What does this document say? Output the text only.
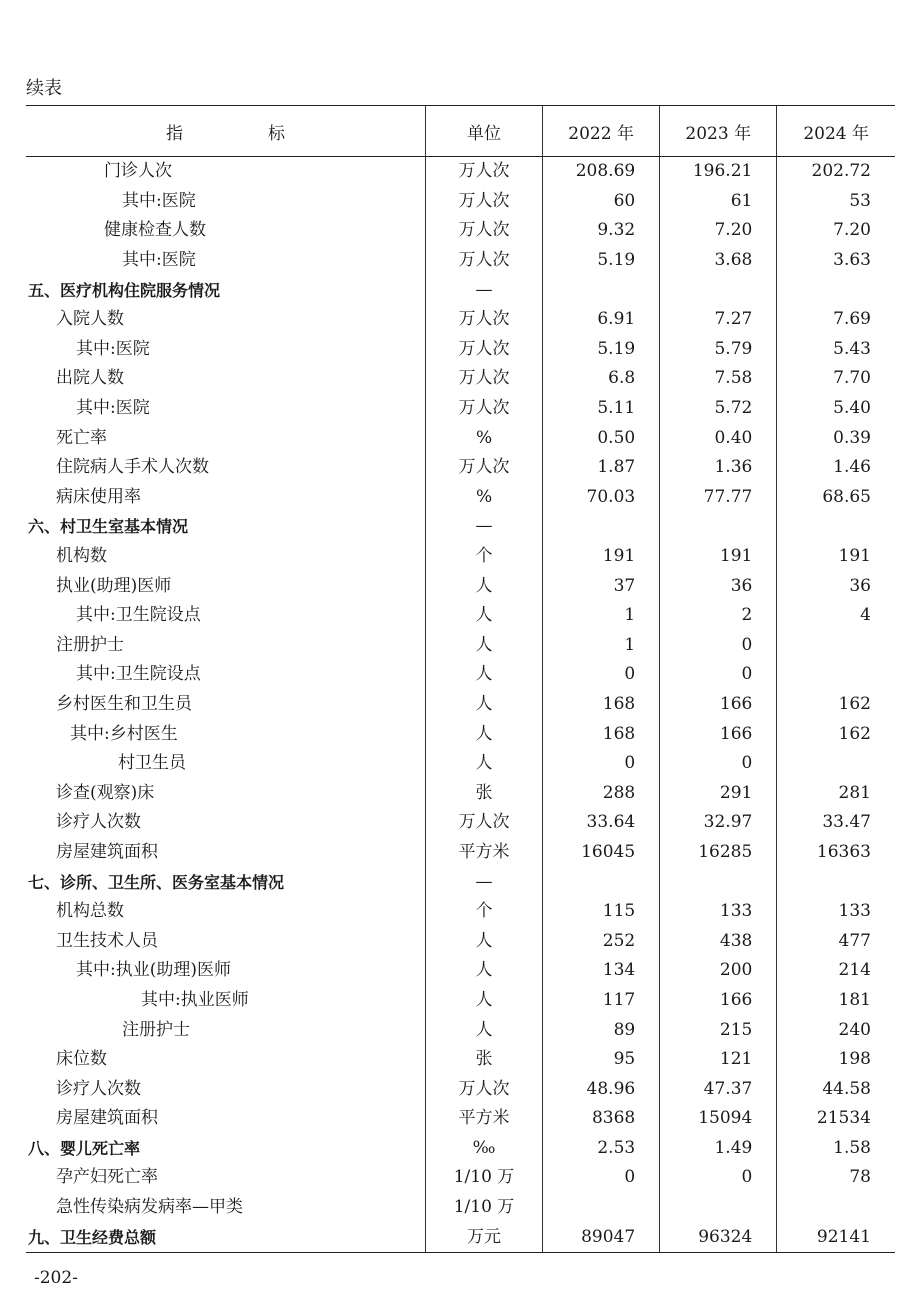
续表
指　　　　　标	单位	2022 年	2023 年	2024 年
门诊人次	万人次	208.69	196.21	202.72
其中:医院	万人次	60	61	53
健康检查人数	万人次	9.32	7.20	7.20
其中:医院	万人次	5.19	3.68	3.63
五、医疗机构住院服务情况	—			
入院人数	万人次	6.91	7.27	7.69
其中:医院	万人次	5.19	5.79	5.43
出院人数	万人次	6.8	7.58	7.70
其中:医院	万人次	5.11	5.72	5.40
死亡率	%	0.50	0.40	0.39
住院病人手术人次数	万人次	1.87	1.36	1.46
病床使用率	%	70.03	77.77	68.65
六、村卫生室基本情况	—			
机构数	个	191	191	191
执业(助理)医师	人	37	36	36
其中:卫生院设点	人	1	2	4
注册护士	人	1	0	
其中:卫生院设点	人	0	0	
乡村医生和卫生员	人	168	166	162
其中:乡村医生	人	168	166	162
村卫生员	人	0	0	
诊查(观察)床	张	288	291	281
诊疗人次数	万人次	33.64	32.97	33.47
房屋建筑面积	平方米	16045	16285	16363
七、诊所、卫生所、医务室基本情况	—			
机构总数	个	115	133	133
卫生技术人员	人	252	438	477
其中:执业(助理)医师	人	134	200	214
其中:执业医师	人	117	166	181
注册护士	人	89	215	240
床位数	张	95	121	198
诊疗人次数	万人次	48.96	47.37	44.58
房屋建筑面积	平方米	8368	15094	21534
八、婴儿死亡率	‰	2.53	1.49	1.58
孕产妇死亡率	1/10 万	0	0	78
急性传染病发病率—甲类	1/10 万			
九、卫生经费总额	万元	89047	96324	92141
-202-
